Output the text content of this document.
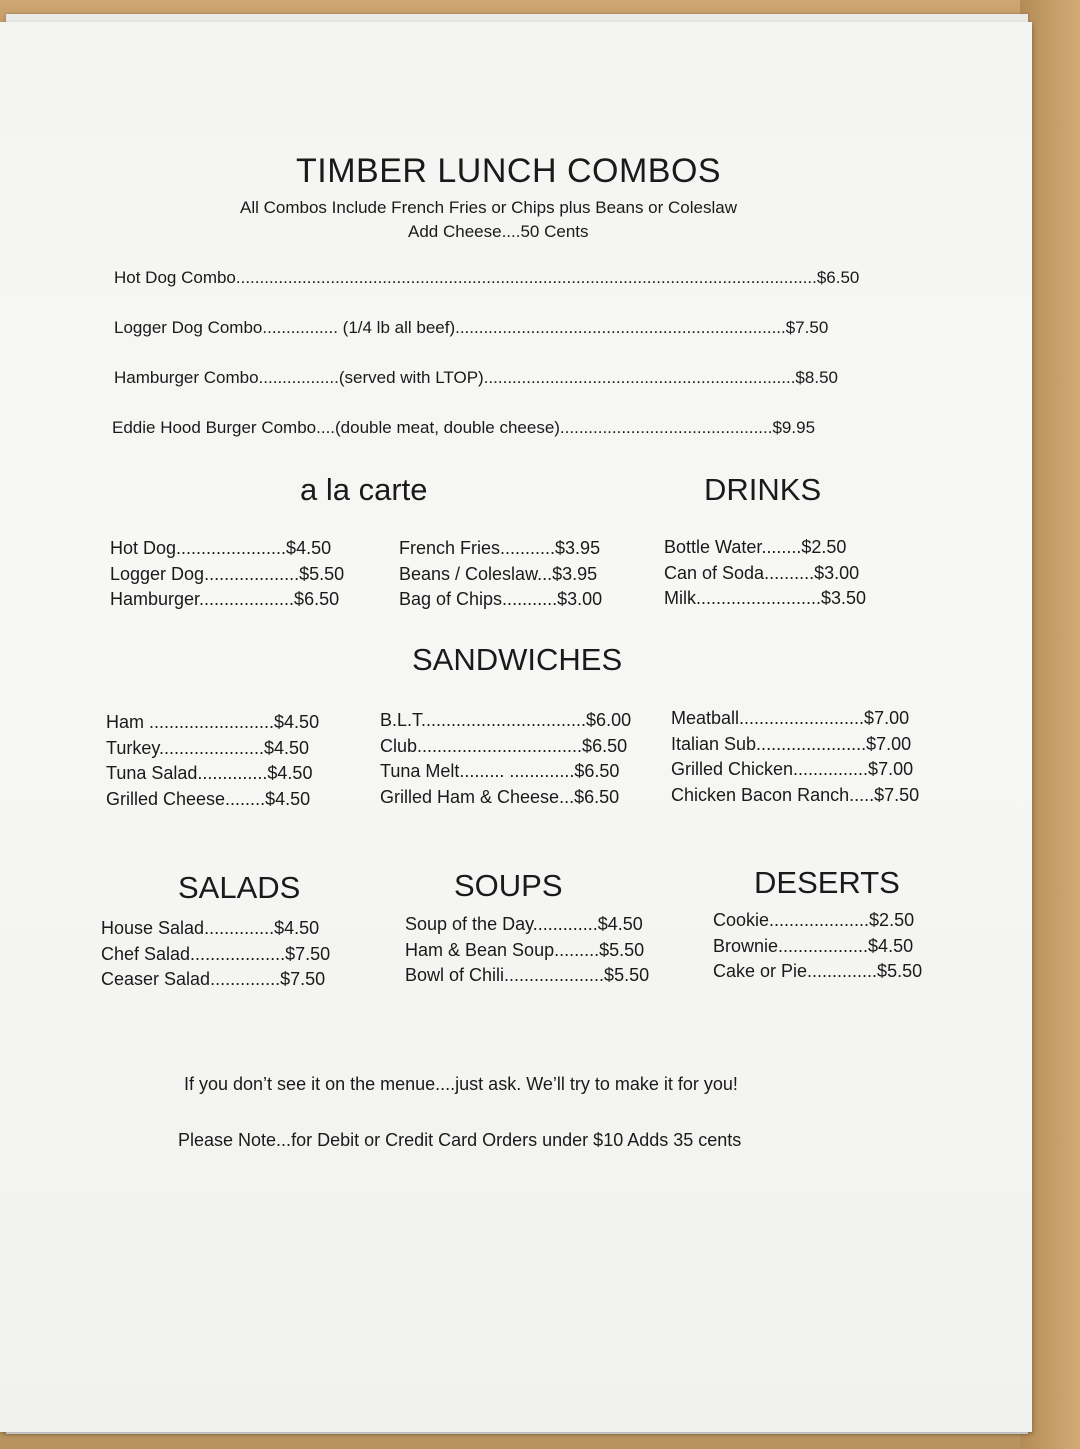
TIMBER LUNCH COMBOS
All Combos Include French Fries or Chips plus Beans or Coleslaw
Add Cheese....50 Cents
Hot Dog Combo...........................................................................................................................$6.50
Logger Dog Combo................ (1/4 lb all beef)......................................................................$7.50
Hamburger Combo.................(served with LTOP)..................................................................$8.50
Eddie Hood Burger Combo....(double meat, double cheese).............................................$9.95
a la carte	DRINKS
Hot Dog......................$4.50
Logger Dog...................$5.50
Hamburger...................$6.50
French Fries...........$3.95
Beans / Coleslaw...$3.95
Bag of Chips...........$3.00
Bottle Water........$2.50
Can of Soda..........$3.00
Milk.........................$3.50
SANDWICHES
Ham .........................$4.50
Turkey.....................$4.50
Tuna Salad..............$4.50
Grilled Cheese........$4.50
B.L.T.................................$6.00
Club.................................$6.50
Tuna Melt......... .............$6.50
Grilled Ham & Cheese...$6.50
Meatball.........................$7.00
Italian Sub......................$7.00
Grilled Chicken...............$7.00
Chicken Bacon Ranch.....$7.50
SALADS	SOUPS	DESERTS
House Salad..............$4.50
Chef Salad...................$7.50
Ceaser Salad..............$7.50
Soup of the Day.............$4.50
Ham & Bean Soup.........$5.50
Bowl of Chili....................$5.50
Cookie....................$2.50
Brownie..................$4.50
Cake or Pie..............$5.50
If you don’t see it on the menue....just ask. We’ll try to make it for you!
Please Note...for Debit or Credit Card Orders under $10 Adds 35 cents
